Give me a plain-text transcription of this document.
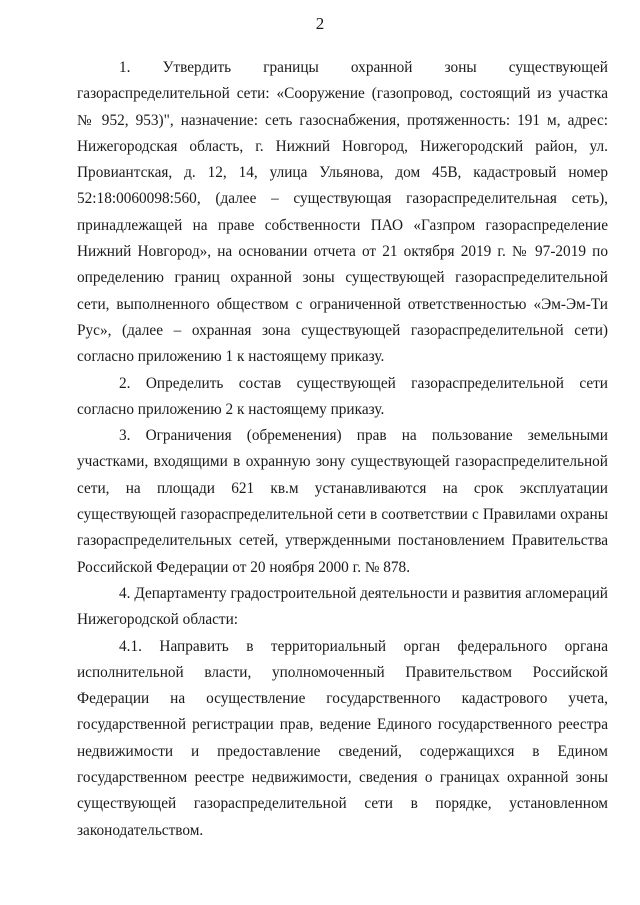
2

1. Утвердить границы охранной зоны существующей газораспределительной сети: «Сооружение (газопровод, состоящий из участка № 952, 953)", назначение: сеть газоснабжения, протяженность: 191 м, адрес: Нижегородская область, г. Нижний Новгород, Нижегородский район, ул. Провиантская, д. 12, 14, улица Ульянова, дом 45В, кадастровый номер 52:18:0060098:560, (далее – существующая газораспределительная сеть), принадлежащей на праве собственности ПАО «Газпром газораспределение Нижний Новгород», на основании отчета от 21 октября 2019 г. № 97-2019 по определению границ охранной зоны существующей газораспределительной сети, выполненного обществом с ограниченной ответственностью «Эм-Эм-Ти Рус», (далее – охранная зона существующей газораспределительной сети) согласно приложению 1 к настоящему приказу.

2. Определить состав существующей газораспределительной сети согласно приложению 2 к настоящему приказу.

3. Ограничения (обременения) прав на пользование земельными участками, входящими в охранную зону существующей газораспределительной сети, на площади 621 кв.м устанавливаются на срок эксплуатации существующей газораспределительной сети в соответствии с Правилами охраны газораспределительных сетей, утвержденными постановлением Правительства Российской Федерации от 20 ноября 2000 г. № 878.

4. Департаменту градостроительной деятельности и развития агломераций Нижегородской области:

4.1. Направить в территориальный орган федерального органа исполнительной власти, уполномоченный Правительством Российской Федерации на осуществление государственного кадастрового учета, государственной регистрации прав, ведение Единого государственного реестра недвижимости и предоставление сведений, содержащихся в Едином государственном реестре недвижимости, сведения о границах охранной зоны существующей газораспределительной сети в порядке, установленном законодательством.
